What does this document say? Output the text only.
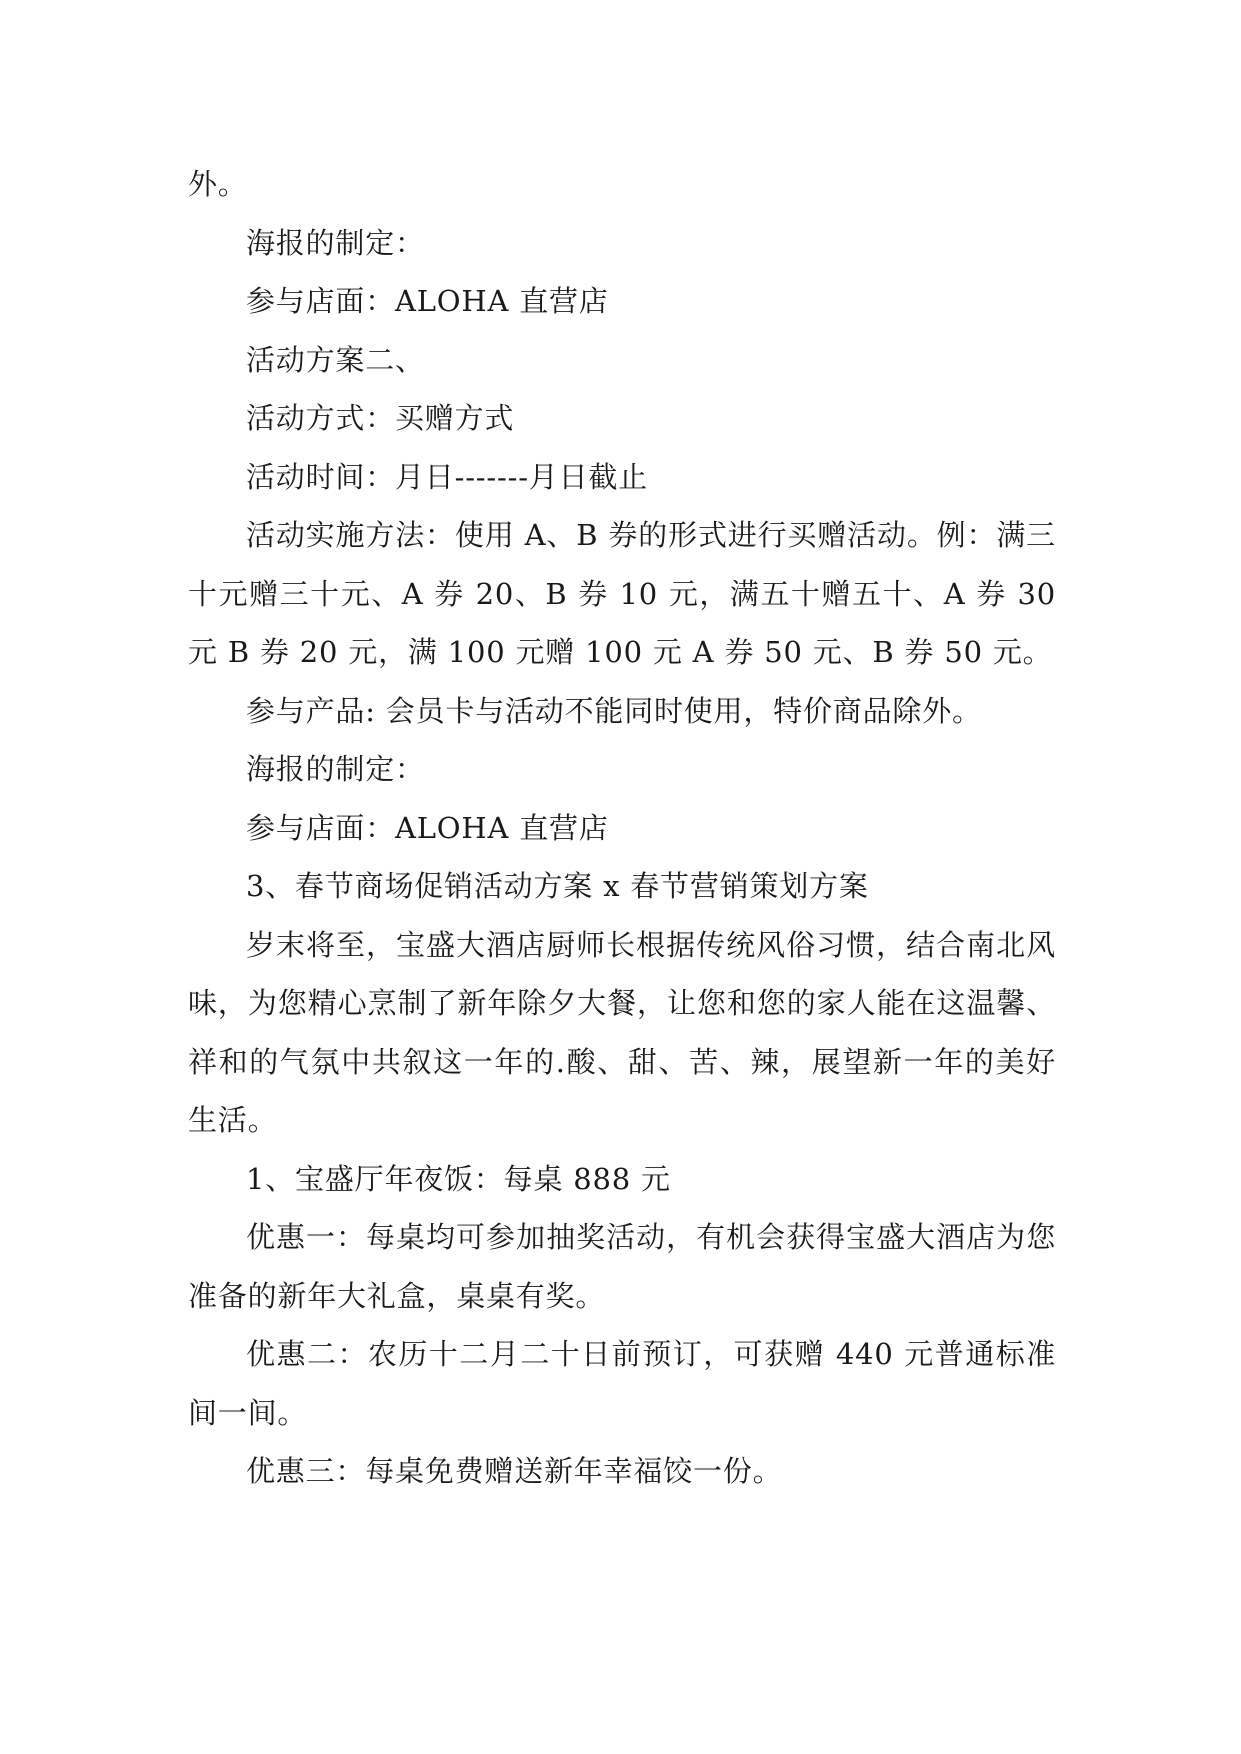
外。

海报的制定：

参与店面：ALOHA 直营店

活动方案二、

活动方式：买赠方式

活动时间：月日-------月日截止

活动实施方法：使用 A、B 券的形式进行买赠活动。例：满三十元赠三十元、A 券 20、B 券 10 元，满五十赠五十、A 券 30 元 B 券 20 元，满 100 元赠 100 元 A 券 50 元、B 券 50 元。

参与产品: 会员卡与活动不能同时使用，特价商品除外。

海报的制定：

参与店面：ALOHA 直营店

3、春节商场促销活动方案 x 春节营销策划方案

岁末将至，宝盛大酒店厨师长根据传统风俗习惯，结合南北风味，为您精心烹制了新年除夕大餐，让您和您的家人能在这温馨、祥和的气氛中共叙这一年的.酸、甜、苦、辣，展望新一年的美好生活。

1、宝盛厅年夜饭：每桌 888 元

优惠一：每桌均可参加抽奖活动，有机会获得宝盛大酒店为您准备的新年大礼盒，桌桌有奖。

优惠二：农历十二月二十日前预订，可获赠 440 元普通标准间一间。

优惠三：每桌免费赠送新年幸福饺一份。
